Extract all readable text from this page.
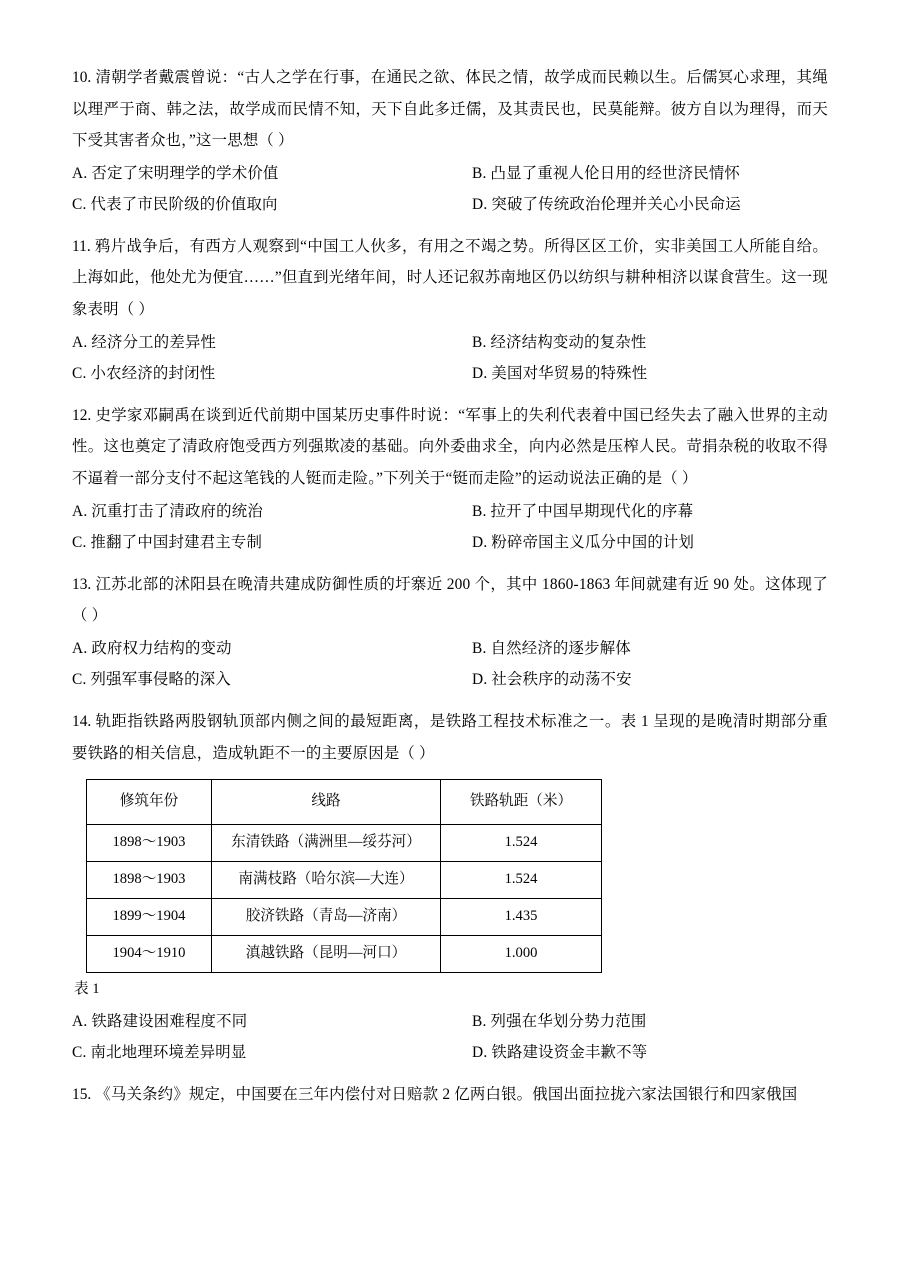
10. 清朝学者戴震曾说：“古人之学在行事，在通民之欲、体民之情，故学成而民赖以生。后儒冥心求理，其绳以理严于商、韩之法，故学成而民情不知，天下自此多迁儒，及其责民也，民莫能辩。彼方自以为理得，而天下受其害者众也，”这一思想（ ）
A. 否定了宋明理学的学术价值	B. 凸显了重视人伦日用的经世济民情怀
C. 代表了市民阶级的价值取向	D. 突破了传统政治伦理并关心小民命运
11. 鸦片战争后，有西方人观察到“中国工人伙多，有用之不竭之势。所得区区工价，实非美国工人所能自给。上海如此，他处尤为便宜……”但直到光绪年间，时人还记叙苏南地区仍以纺织与耕种相济以谋食营生。这一现象表明（ ）
A. 经济分工的差异性	B. 经济结构变动的复杂性
C. 小农经济的封闭性	D. 美国对华贸易的特殊性
12. 史学家邓嗣禹在谈到近代前期中国某历史事件时说：“军事上的失利代表着中国已经失去了融入世界的主动性。这也奠定了清政府饱受西方列强欺凌的基础。向外委曲求全，向内必然是压榨人民。苛捐杂税的收取不得不逼着一部分支付不起这笔钱的人铤而走险。”下列关于“铤而走险”的运动说法正确的是（ ）
A. 沉重打击了清政府的统治	B. 拉开了中国早期现代化的序幕
C. 推翻了中国封建君主专制	D. 粉碎帝国主义瓜分中国的计划
13. 江苏北部的沭阳县在晚清共建成防御性质的圩寨近 200 个，其中 1860-1863 年间就建有近 90 处。这体现了（ ）
A. 政府权力结构的变动	B. 自然经济的逐步解体
C. 列强军事侵略的深入	D. 社会秩序的动荡不安
14. 轨距指铁路两股钢轨顶部内侧之间的最短距离，是铁路工程技术标准之一。表 1 呈现的是晚清时期部分重要铁路的相关信息，造成轨距不一的主要原因是（ ）
修筑年份	线路	铁路轨距（米）
1898～1903	东清铁路（满洲里—绥芬河）	1.524
1898～1903	南满枝路（哈尔滨—大连）	1.524
1899～1904	胶济铁路（青岛—济南）	1.435
1904～1910	滇越铁路（昆明—河口）	1.000
表 1
A. 铁路建设困难程度不同	B. 列强在华划分势力范围
C. 南北地理环境差异明显	D. 铁路建设资金丰歉不等
15. 《马关条约》规定，中国要在三年内偿付对日赔款 2 亿两白银。俄国出面拉拢六家法国银行和四家俄国
